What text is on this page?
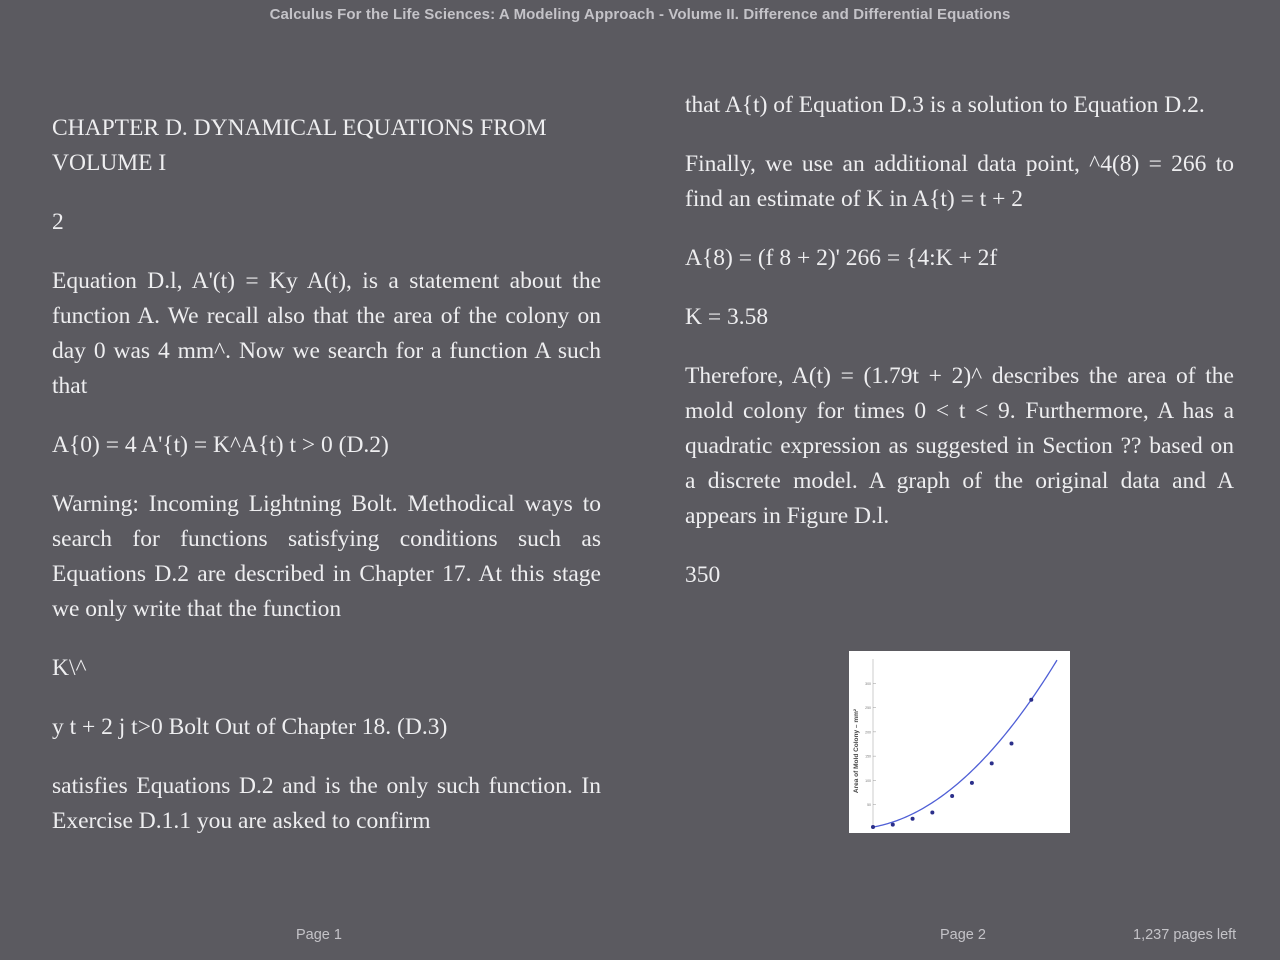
Calculus For the Life Sciences: A Modeling Approach - Volume II. Difference and Differential Equations

CHAPTER D. DYNAMICAL EQUATIONS FROM VOLUME I

2

Equation D.l, A'(t) = Ky A(t), is a statement about the function A. We recall also that the area of the colony on day 0 was 4 mm^. Now we search for a function A such that

A{0) = 4 A'{t) = K^A{t) t > 0 (D.2)

Warning: Incoming Lightning Bolt. Methodical ways to search for functions satisfying conditions such as Equations D.2 are described in Chapter 17. At this stage we only write that the function

K\^

y t + 2 j t>0 Bolt Out of Chapter 18. (D.3)

satisfies Equations D.2 and is the only such function. In Exercise D.1.1 you are asked to confirm

that A{t) of Equation D.3 is a solution to Equation D.2.

Finally, we use an additional data point, ^4(8) = 266 to find an estimate of K in A{t) = t + 2

A{8) = (f 8 + 2)' 266 = {4:K + 2f

K = 3.58

Therefore, A(t) = (1.79t + 2)^ describes the area of the mold colony for times 0 < t < 9. Furthermore, A has a quadratic expression as suggested in Section ?? based on a discrete model. A graph of the original data and A appears in Figure D.l.

350

Area of Mold Colony – mm²
50
100
150
200
250
300
Page 1	Page 2	1,237 pages left
